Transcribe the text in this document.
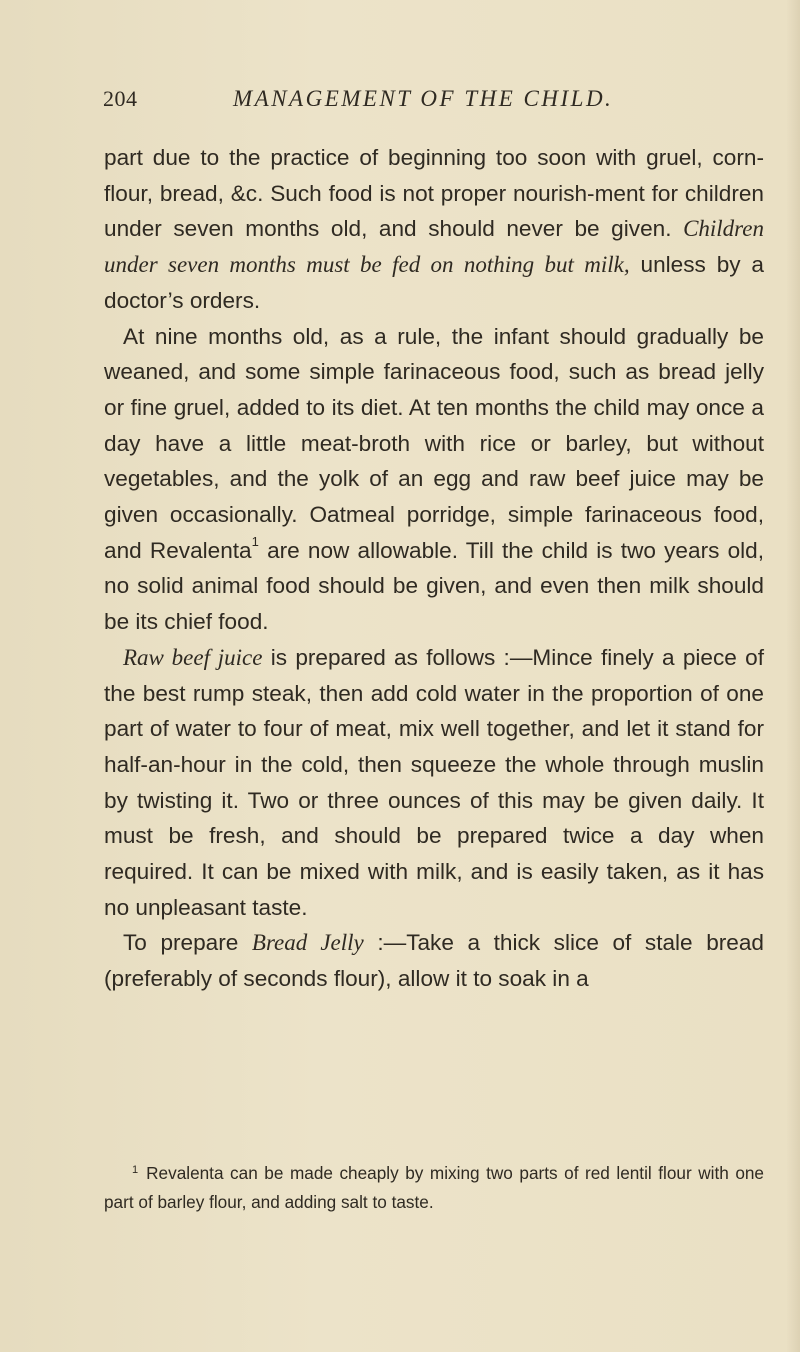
204	MANAGEMENT OF THE CHILD.

part due to the practice of beginning too soon with gruel, corn-flour, bread, &c. Such food is not proper nourish-ment for children under seven months old, and should never be given. Children under seven months must be fed on nothing but milk, unless by a doctor’s orders.

At nine months old, as a rule, the infant should gradually be weaned, and some simple farinaceous food, such as bread jelly or fine gruel, added to its diet. At ten months the child may once a day have a little meat-broth with rice or barley, but without vegetables, and the yolk of an egg and raw beef juice may be given occasionally. Oatmeal porridge, simple farinaceous food, and Revalenta$^1$ are now allowable. Till the child is two years old, no solid animal food should be given, and even then milk should be its chief food.

Raw beef juice is prepared as follows :—Mince finely a piece of the best rump steak, then add cold water in the proportion of one part of water to four of meat, mix well together, and let it stand for half-an-hour in the cold, then squeeze the whole through muslin by twisting it. Two or three ounces of this may be given daily. It must be fresh, and should be prepared twice a day when required. It can be mixed with milk, and is easily taken, as it has no unpleasant taste.

To prepare Bread Jelly :—Take a thick slice of stale bread (preferably of seconds flour), allow it to soak in a

$^1$ Revalenta can be made cheaply by mixing two parts of red lentil flour with one part of barley flour, and adding salt to taste.
